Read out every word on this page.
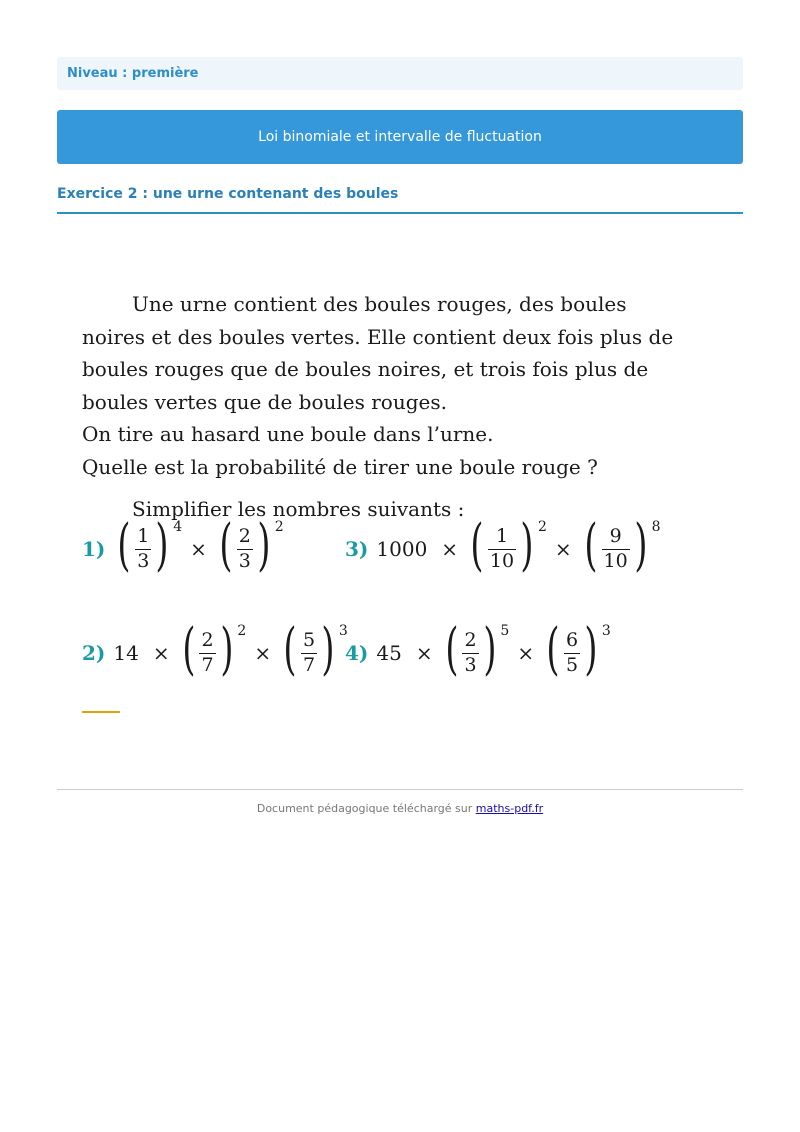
Niveau : première
Loi binomiale et intervalle de fluctuation
Exercice 2 : une urne contenant des boules

Une urne contient des boules rouges, des boules noires et des boules vertes. Elle contient deux fois plus de boules rouges que de boules noires, et trois fois plus de boules vertes que de boules rouges.

On tire au hasard une boule dans l’urne.

Quelle est la probabilité de tirer une boule rouge ?

Simplifier les nombres suivants :

1) ( $\frac{1}{3}$ ) $^4$
× ( $\frac{2}{3}$ ) $^2$
2) 14 × ( $\frac{2}{7}$ ) $^2$
× ( $\frac{5}{7}$ ) $^3$
3) 1000 × ( $\frac{1}{10}$ ) $^2$
× ( $\frac{9}{10}$ ) $^8$
4) 45 × ( $\frac{2}{3}$ ) $^5$
× ( $\frac{6}{5}$ ) $^3$
Document pédagogique téléchargé sur maths-pdf.fr
